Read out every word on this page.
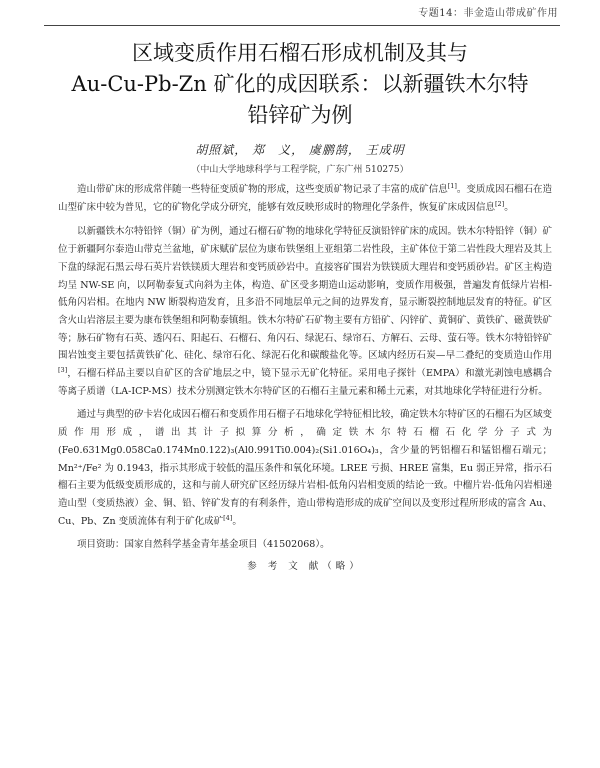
专题14：非金造山带成矿作用
区域变质作用石榴石形成机制及其与
Au-Cu-Pb-Zn 矿化的成因联系：以新疆铁木尔特
铅锌矿为例
胡照斌， 郑　义， 虞鹏鹄， 王成明
（中山大学地球科学与工程学院，广东广州 510275）

造山带矿床的形成常伴随一些特征变质矿物的形成，这些变质矿物记录了丰富的成矿信息[1]。变质成因石榴石在造山型矿床中较为普见，它的矿物化学成分研究，能够有效反映形成时的物理化学条件，恢复矿床成因信息[2]。

以新疆铁木尔特铅锌（铜）矿为例，通过石榴石矿物的地球化学特征反演铅锌矿床的成因。铁木尔特铅锌（铜）矿位于新疆阿尔泰造山带克兰盆地，矿床赋矿层位为康布铁堡组上亚组第二岩性段，主矿体位于第二岩性段大理岩及其上下盘的绿泥石黑云母石英片岩铁镁质大理岩和变钙质砂岩中。直接容矿围岩为铁镁质大理岩和变钙质砂岩。矿区主构造均呈 NW-SE 向，以阿勒泰复式向斜为主体，构造、矿区受多期造山运动影响，变质作用极强，普遍发育低绿片岩相-低角闪岩相。在地内 NW 断裂构造发育，且多沿不同地层单元之间的边界发育，显示断裂控制地层发育的特征。矿区含火山岩溶层主要为康布铁堡组和阿勒泰镇组。铁木尔特矿石矿物主要有方铅矿、闪锌矿、黄铜矿、黄铁矿、磁黄铁矿等；脉石矿物有石英、透闪石、阳起石、石榴石、角闪石、绿泥石、绿帘石、方解石、云母、萤石等。铁木尔特铅锌矿围岩蚀变主要包括黄铁矿化、硅化、绿帘石化、绿泥石化和碳酸盐化等。区域内经历石炭—早二叠纪的变质造山作用[3]，石榴石样品主要以自矿区的含矿地层之中，镜下显示无矿化特征。采用电子探针（EMPA）和激光剥蚀电感耦合等离子质谱（LA-ICP-MS）技术分别测定铁木尔特矿区的石榴石主量元素和稀土元素，对其地球化学特征进行分析。

通过与典型的矽卡岩化成因石榴石和变质作用石榴子石地球化学特征相比较，确定铁木尔特矿区的石榴石为区域变质作用形成，谱出其计子拟算分析，确定铁木尔特石榴石化学分子式为(Fe0.631Mg0.058Ca0.174Mn0.122)₃(Al0.991Ti0.004)₂(Si1.016O₄)₃，含少量的钙铝榴石和锰铝榴石端元；Mn²⁺/Fe² 为 0.1943，指示其形成于较低的温压条件和氧化环境。LREE 亏损、HREE 富集，Eu 弱正异常，指示石榴石主要为低级变质形成的，这和与前人研究矿区经历绿片岩相-低角闪岩相变质的结论一致。中榴片岩-低角闪岩相递造山型（变质热液）金、铜、铅、锌矿发育的有利条件，造山带构造形成的成矿空间以及变形过程所形成的富含 Au、Cu、Pb、Zn 变质流体有利于矿化成矿[4]。

项目资助：国家自然科学基金青年基金项目（41502068）。

参 考 文 献（略）
